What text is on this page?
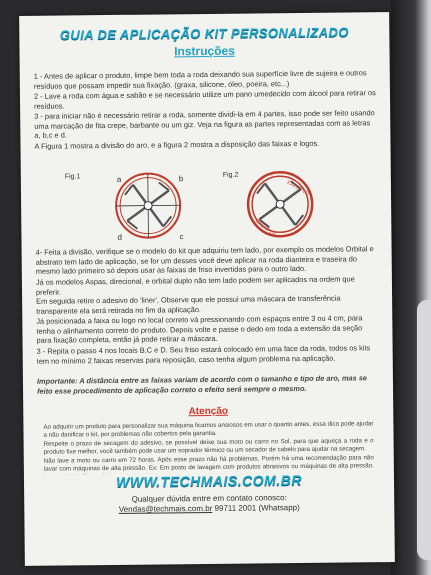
GUIA DE APLICAÇÃO KIT PERSONALIZADO
Instruções
1 - Antes de aplicar o produto, limpe bem toda a roda deixando sua superfície livre de sujeira e outros resíduos que possam impedir sua fixação. (graxa, silicone, óleo, poeira, etc...)
2 - Lave a roda com água e sabão e se necessário utilize um pano umedecido com álcool para retirar os resíduos.
3 - para iniciar não é necessário retirar a roda, somente dividi-la em 4 partes, isso pode ser feito usando uma marcação de fita crepe, barbante ou um giz. Veja na figura as partes representadas com as letras a, b,c e d.
A Figura 1 mostra a divisão do aro, e a figura 2 mostra a disposição das faixas e logos.
Fig.1	a	b
d	c
Fig.2
EXEMPLO
EXEMPLO
4- Feita a divisão, verifique se o modelo do kit que adquiriu tem lado, por exemplo os modelos Orbital e abstrato tem lado de aplicação, se for um desses você deve aplicar na roda dianteira e traseira do mesmo lado primeiro só depois usar as faixas de friso invertidas para o outro lado.
Já os modelos Aspas, direcional, e orbital duplo não tem lado podem ser aplicados na ordem que preferir.
Em seguida retire o adesivo do 'liner', Observe que ele possui uma máscara de transferência transparente ela será retirada no fim da aplicação.
Já posicionada a faixa ou logo no local correto vá pressionando com espaços entre 3 ou 4 cm, para tenha o alinhamento correto do produto. Depois volte e passe o dedo em toda a extensão da seção para fixação completa, então já pode retirar a máscara.
3 - Repita o passo 4 nos locais B,C e D. Seu friso estará colocado em uma face da roda, todos os kits tem no mínimo 2 faixas reservas para reposição, caso tenha algum problema na aplicação.
Importante: A distância entre as faixas variam de acordo com o tamanho e tipo de aro, mas se feito esse procedimento de aplicação correto o efeito será sempre o mesmo.
Atenção
Ao adquirir um produto para personalizar sua máquina ficamos ansiosos em usar o quanto antes, essa dica pode ajudar a não danificar o kit, por problemas não cobertos pela garantia.
Respeite o prazo de secagem do adesivo, se possível deixe sua moto ou carro no Sol, para que aqueça a roda e o produto fixe melhor, você também pode usar um soprador térmico ou um secador de cabelo para ajudar na secagem.
Não lave a moto ou carro em 72 horas. Após esse prazo não há problemas, Porém há uma recomendação para não lavar com máquinas de alta pressão. Ex: Em posto de lavagem com produtos abrasivos ou máquinas de alta pressão.
WWW.TECHMAIS.COM.BR
Qualquer dúvida entre em contato conosco:
Vendas@techmais.com.br 99711 2001 (Whatsapp)
